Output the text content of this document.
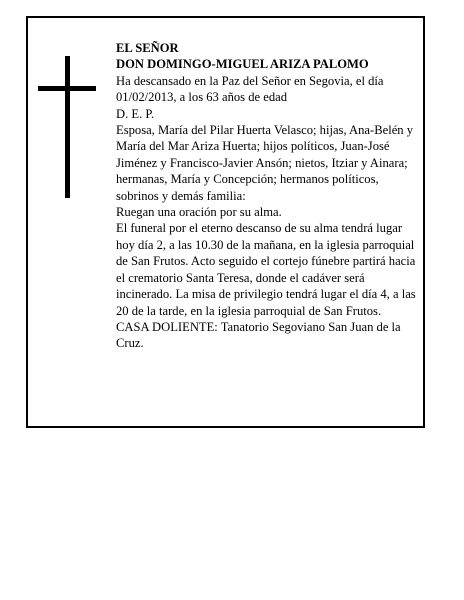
EL SEÑOR

DON DOMINGO-MIGUEL ARIZA PALOMO

Ha descansado en la Paz del Señor en Segovia, el día 01/02/2013, a los 63 años de edad

D. E. P.

Esposa, María del Pilar Huerta Velasco; hijas, Ana-Belén y María del Mar Ariza Huerta; hijos políticos, Juan-José Jiménez y Francisco-Javier Ansón; nietos, Itziar y Ainara; hermanas, María y Concepción; hermanos políticos, sobrinos y demás familia:

Ruegan una oración por su alma.

El funeral por el eterno descanso de su alma tendrá lugar hoy día 2, a las 10.30 de la mañana, en la iglesia parroquial de San Frutos. Acto seguido el cortejo fúnebre partirá hacia el crematorio Santa Teresa, donde el cadáver será incinerado. La misa de privilegio tendrá lugar el día 4, a las 20 de la tarde, en la iglesia parroquial de San Frutos.

CASA DOLIENTE: Tanatorio Segoviano San Juan de la Cruz.
